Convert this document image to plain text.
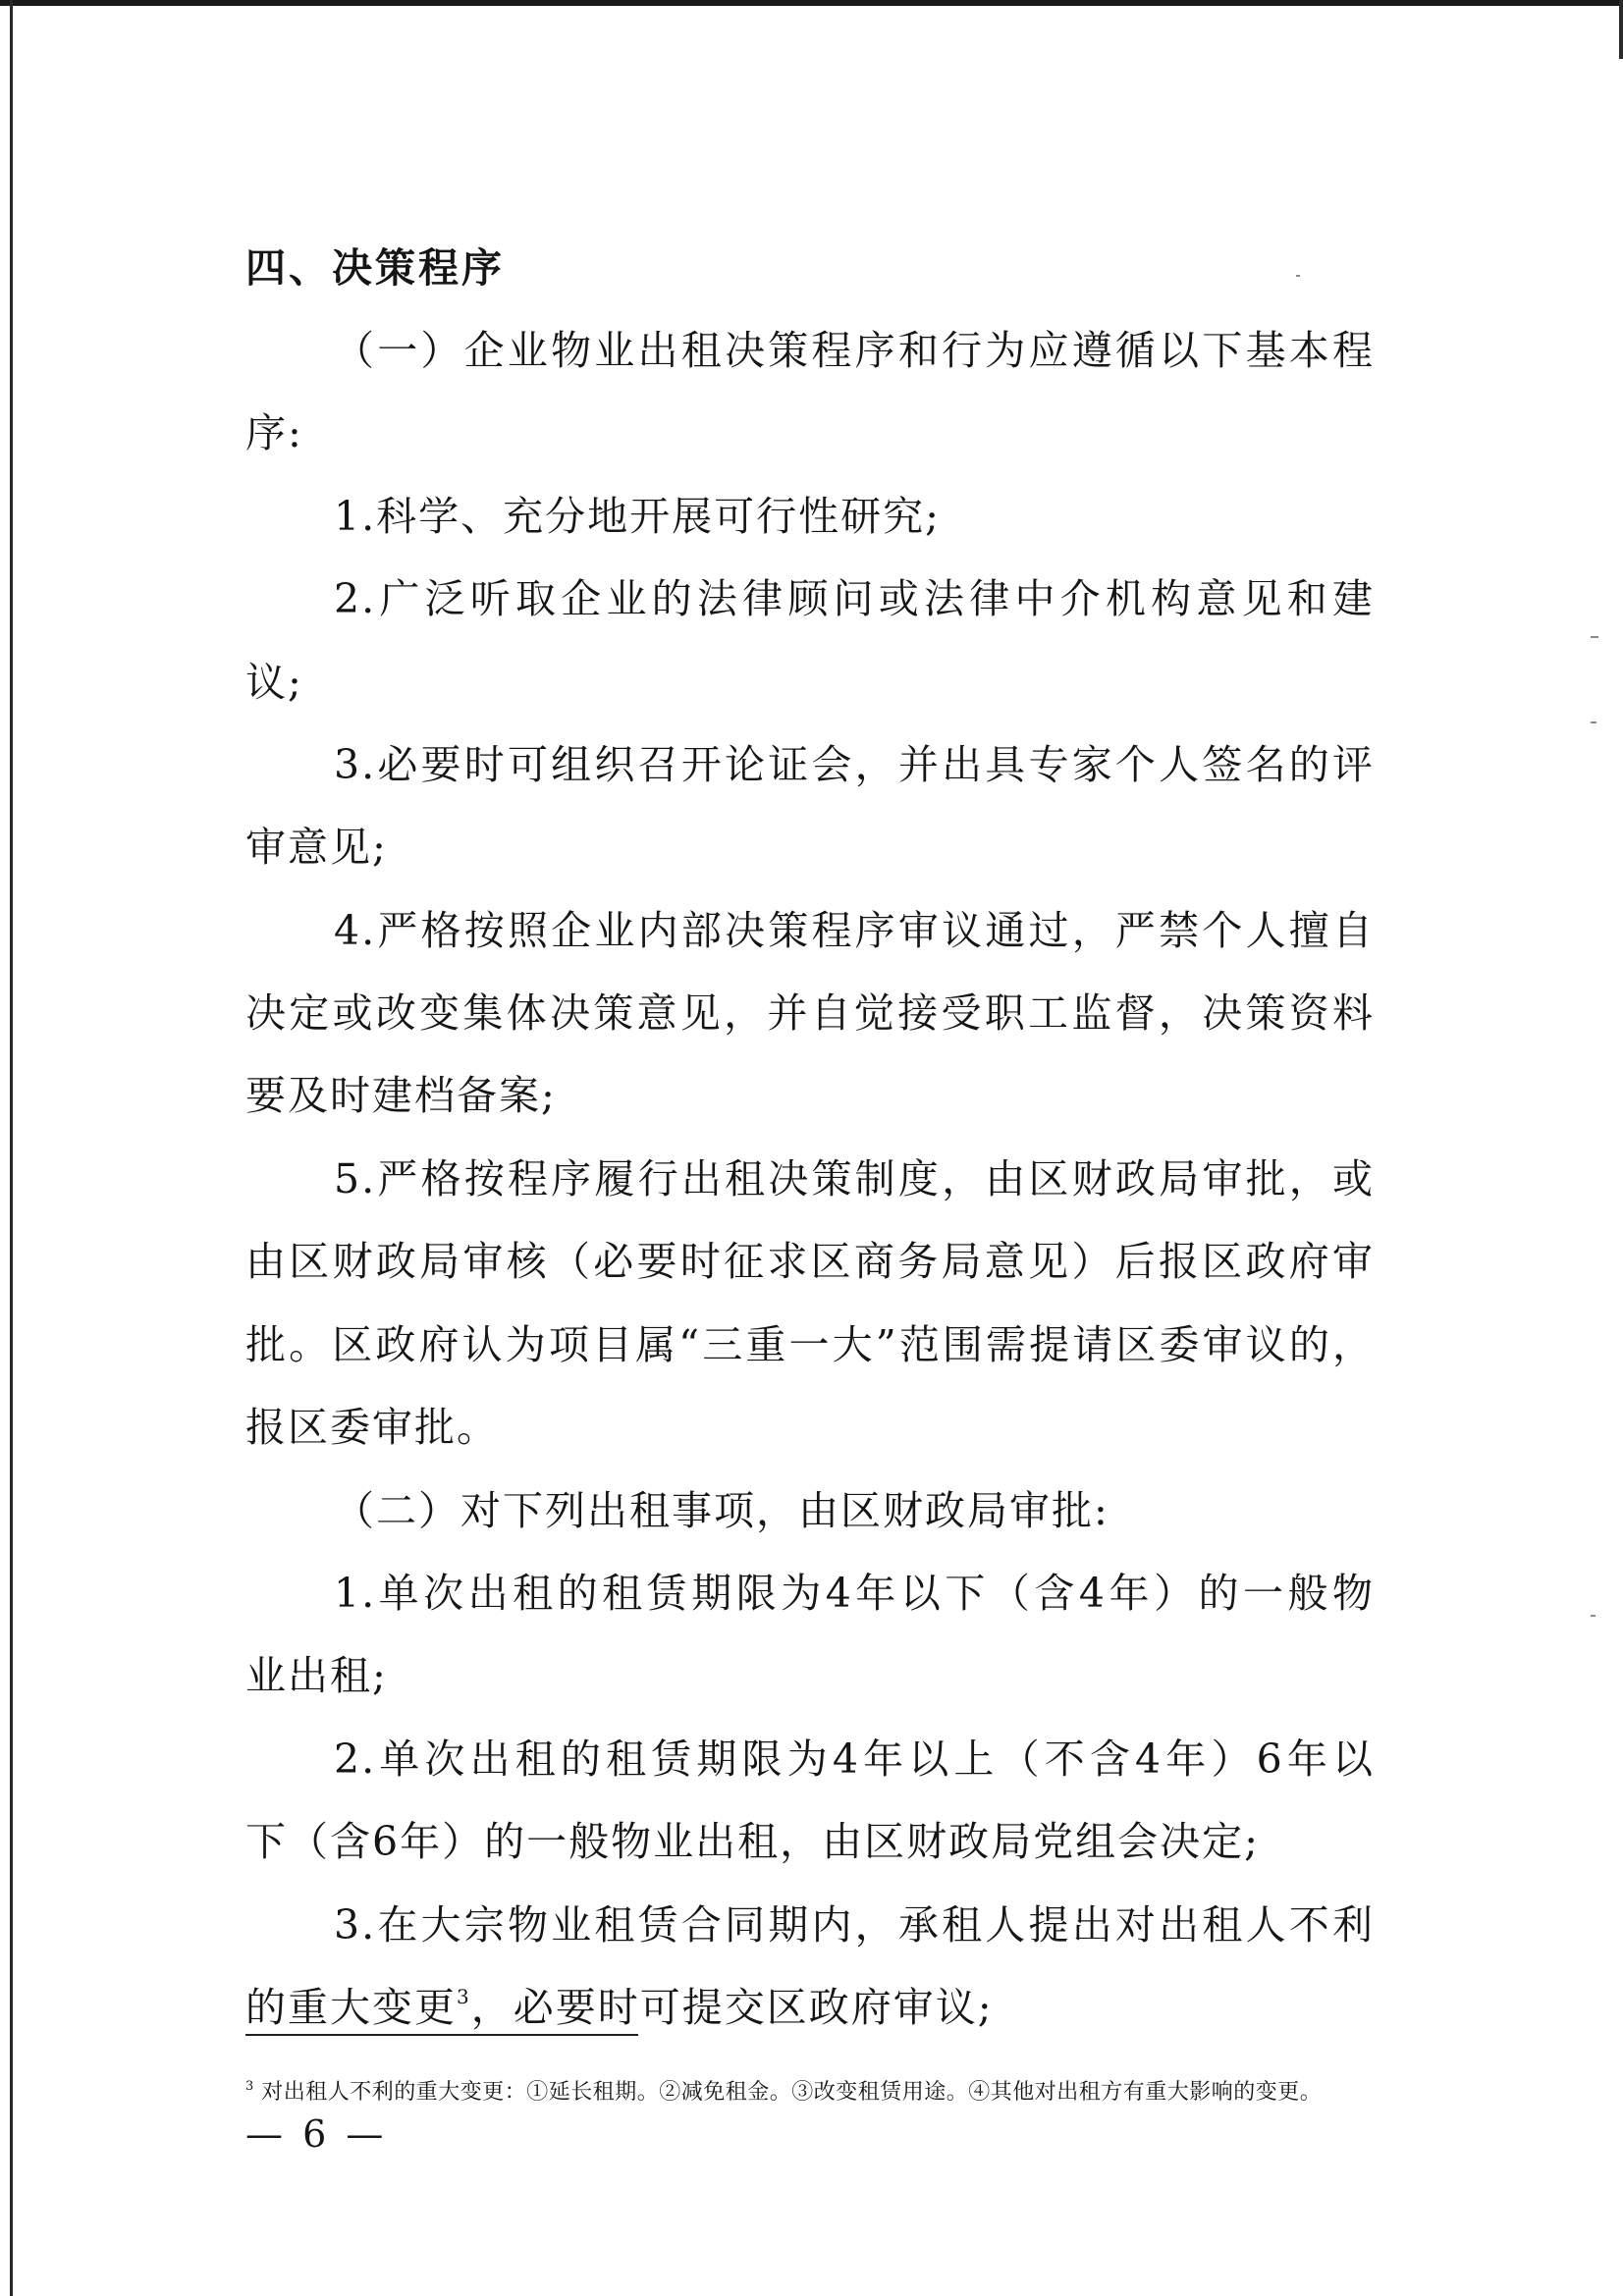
四、决策程序
（一）企业物业出租决策程序和行为应遵循以下基本程
序:
1.科学、充分地开展可行性研究;
2.广泛听取企业的法律顾问或法律中介机构意见和建
议;
3.必要时可组织召开论证会，并出具专家个人签名的评
审意见;
4.严格按照企业内部决策程序审议通过，严禁个人擅自
决定或改变集体决策意见，并自觉接受职工监督，决策资料
要及时建档备案;
5.严格按程序履行出租决策制度，由区财政局审批，或
由区财政局审核（必要时征求区商务局意见）后报区政府审
批。区政府认为项目属“三重一大”范围需提请区委审议的，
报区委审批。
（二）对下列出租事项，由区财政局审批:
1.单次出租的租赁期限为4年以下（含4年）的一般物
业出租;
2.单次出租的租赁期限为4年以上（不含4年）6年以
下（含6年）的一般物业出租，由区财政局党组会决定;
3.在大宗物业租赁合同期内，承租人提出对出租人不利
的重大变更$^3$，必要时可提交区政府审议;
$^3$ 对出租人不利的重大变更：①延长租期。②减免租金。③改变租赁用途。④其他对出租方有重大影响的变更。
— 6 —
